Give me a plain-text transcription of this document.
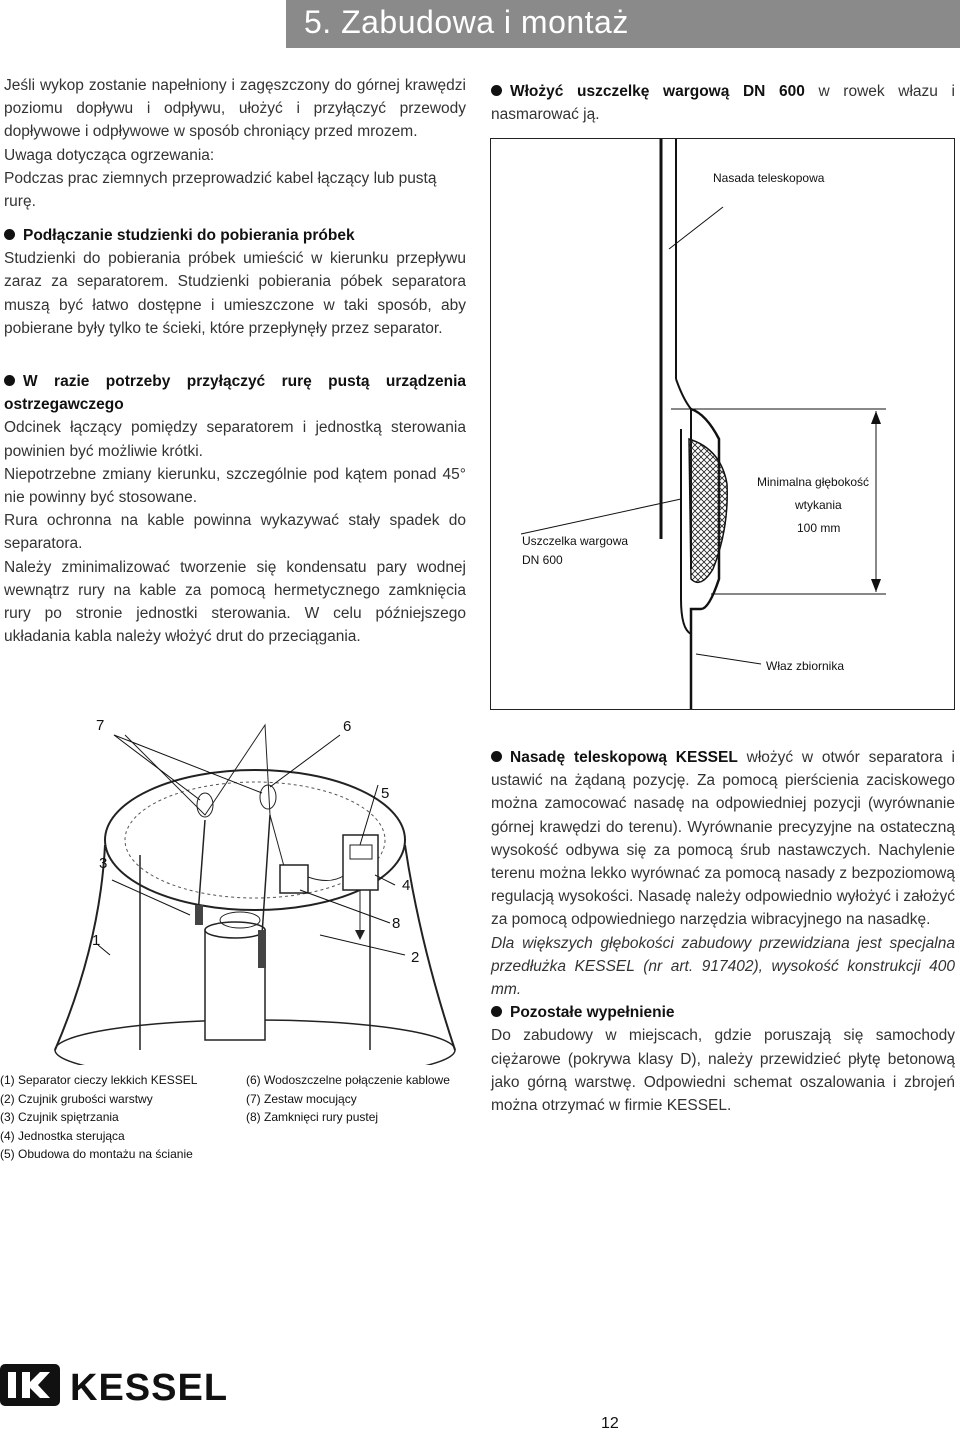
5. Zabudowa i montaż

Jeśli wykop zostanie napełniony i zagęszczony do górnej krawędzi poziomu dopływu i odpływu, ułożyć i przyłączyć przewody dopływowe i odpływowe w sposób chroniący przed mrozem.

Uwaga dotycząca ogrzewania:

Podczas prac ziemnych przeprowadzić kabel łączący lub pustą rurę.

Podłączanie studzienki do pobierania próbek

Studzienki do pobierania próbek umieścić w kierunku przepływu zaraz za separatorem. Studzienki pobierania póbek separatora muszą być łatwo dostępne i umieszczone w taki sposób, aby pobierane były tylko te ścieki, które przepłynęły przez separator.

W razie potrzeby przyłączyć rurę pustą urządzenia ostrzegawczego

Odcinek łączący pomiędzy separatorem i jednostką sterowania powinien być możliwie krótki.

Niepotrzebne zmiany kierunku, szczególnie pod kątem ponad 45° nie powinny być stosowane.

Rura ochronna na kable powinna wykazywać stały spadek do separatora.

Należy zminimalizować tworzenie się kondensatu pary wodnej wewnątrz rury na kable za pomocą hermetycznego zamknięcia rury po stronie jednostki sterowania. W celu późniejszego układania kabla należy włożyć drut do przeciągania.

Włożyć uszczelkę wargową DN 600 w rowek włazu i nasmarować ją.

Nasada teleskopowa
Minimalna głębokość
wtykania
100 mm
Uszczelka wargowa
DN 600
Właz zbiornika
7	6
5
3
4
8
1
2
(1) Separator cieczy lekkich KESSEL
(2) Czujnik grubości warstwy
(3) Czujnik spiętrzania
(4) Jednostka sterująca
(5) Obudowa do montażu na ścianie
(6) Wodoszczelne połączenie kablowe
(7) Zestaw mocujący
(8) Zamknięci rury pustej

Nasadę teleskopową KESSEL włożyć w otwór separatora i ustawić na żądaną pozycję. Za pomocą pierścienia zaciskowego można zamocować nasadę na odpowiedniej pozycji (wyrównanie górnej krawędzi do terenu). Wyrównanie precyzyjne na ostateczną wysokość odbywa się za pomocą śrub nastawczych. Nachylenie terenu można lekko wyrównać za pomocą nasady z bezpoziomową regulacją wysokości. Nasadę należy odpowiednio wyłożyć i założyć za pomocą odpowiedniego narzędzia wibracyjnego na nasadkę.

Dla większych głębokości zabudowy przewidziana jest specjalna przedłużka KESSEL (nr art. 917402), wysokość konstrukcji 400 mm.

Pozostałe wypełnienie

Do zabudowy w miejscach, gdzie poruszają się samochody ciężarowe (pokrywa klasy D), należy przewidzieć płytę betonową jako górną warstwę. Odpowiedni schemat oszalowania i zbrojeń można otrzymać w firmie KESSEL.

KESSEL
12
